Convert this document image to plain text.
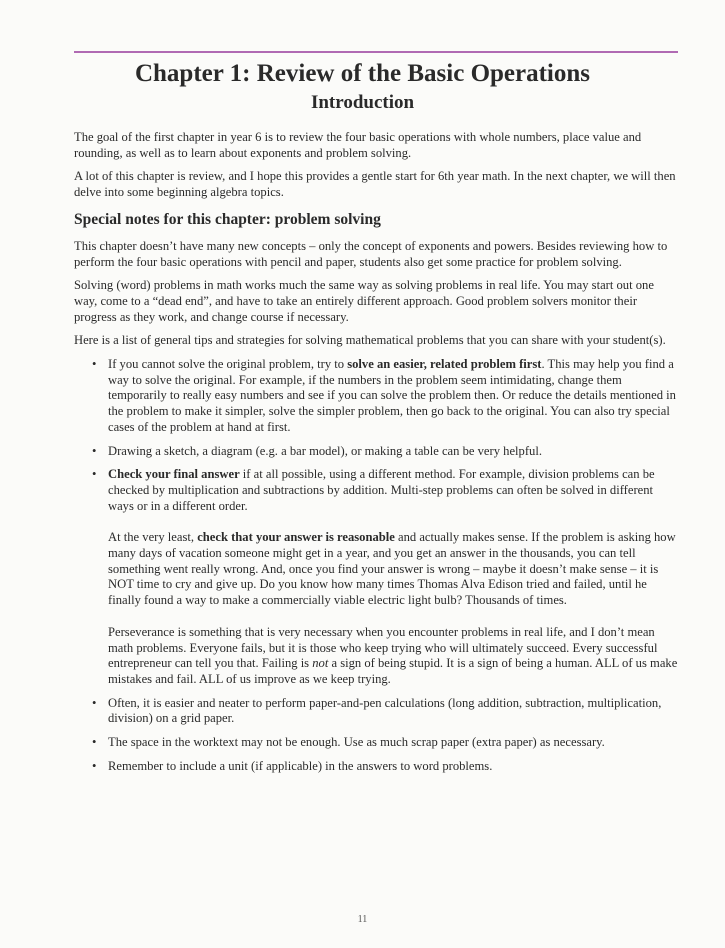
Chapter 1: Review of the Basic Operations
Introduction

The goal of the first chapter in year 6 is to review the four basic operations with whole numbers, place value and rounding, as well as to learn about exponents and problem solving.

A lot of this chapter is review, and I hope this provides a gentle start for 6th year math. In the next chapter, we will then delve into some beginning algebra topics.

Special notes for this chapter: problem solving

This chapter doesn’t have many new concepts – only the concept of exponents and powers. Besides reviewing how to perform the four basic operations with pencil and paper, students also get some practice for problem solving.

Solving (word) problems in math works much the same way as solving problems in real life. You may start out one way, come to a “dead end”, and have to take an entirely different approach. Good problem solvers monitor their progress as they work, and change course if necessary.

Here is a list of general tips and strategies for solving mathematical problems that you can share with your student(s).

• If you cannot solve the original problem, try to solve an easier, related problem first. This may help you find a way to solve the original. For example, if the numbers in the problem seem intimidating, change them temporarily to really easy numbers and see if you can solve the problem then. Or reduce the details mentioned in the problem to make it simpler, solve the simpler problem, then go back to the original. You can also try special cases of the problem at hand at first.

• Drawing a sketch, a diagram (e.g. a bar model), or making a table can be very helpful.

• Check your final answer if at all possible, using a different method. For example, division problems can be checked by multiplication and subtractions by addition. Multi-step problems can often be solved in different ways or in a different order.

At the very least, check that your answer is reasonable and actually makes sense. If the problem is asking how many days of vacation someone might get in a year, and you get an answer in the thousands, you can tell something went really wrong. And, once you find your answer is wrong – maybe it doesn’t make sense – it is NOT time to cry and give up. Do you know how many times Thomas Alva Edison tried and failed, until he finally found a way to make a commercially viable electric light bulb? Thousands of times.

Perseverance is something that is very necessary when you encounter problems in real life, and I don’t mean math problems. Everyone fails, but it is those who keep trying who will ultimately succeed. Every successful entrepreneur can tell you that. Failing is not a sign of being stupid. It is a sign of being a human. ALL of us make mistakes and fail. ALL of us improve as we keep trying.

• Often, it is easier and neater to perform paper-and-pen calculations (long addition, subtraction, multiplication, division) on a grid paper.

• The space in the worktext may not be enough. Use as much scrap paper (extra paper) as necessary.

• Remember to include a unit (if applicable) in the answers to word problems.

11
